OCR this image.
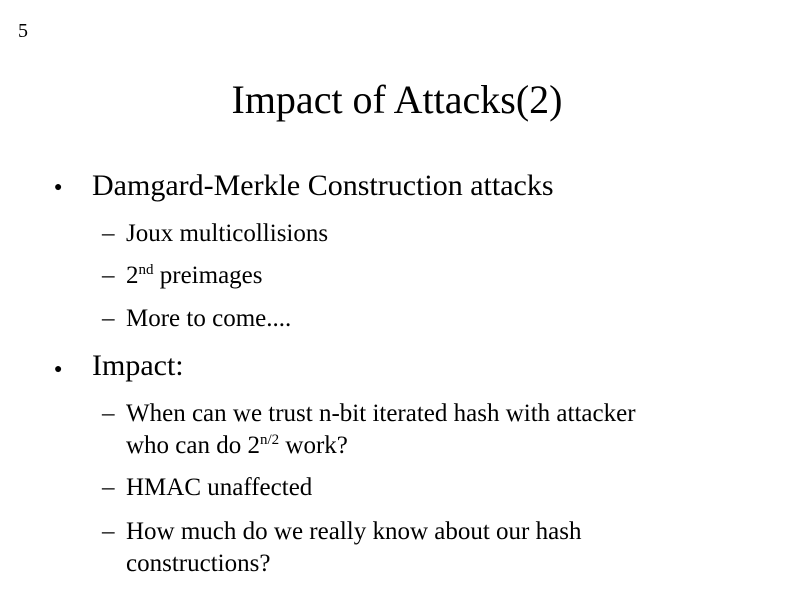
5
Impact of Attacks(2)
● Damgard-Merkle Construction attacks
– Joux multicollisions
– 2nd preimages
– More to come....
● Impact:
– When can we trust n-bit iterated hash with attacker
who can do $2^{n/2}$ work?
– HMAC unaffected
– How much do we really know about our hash
constructions?
